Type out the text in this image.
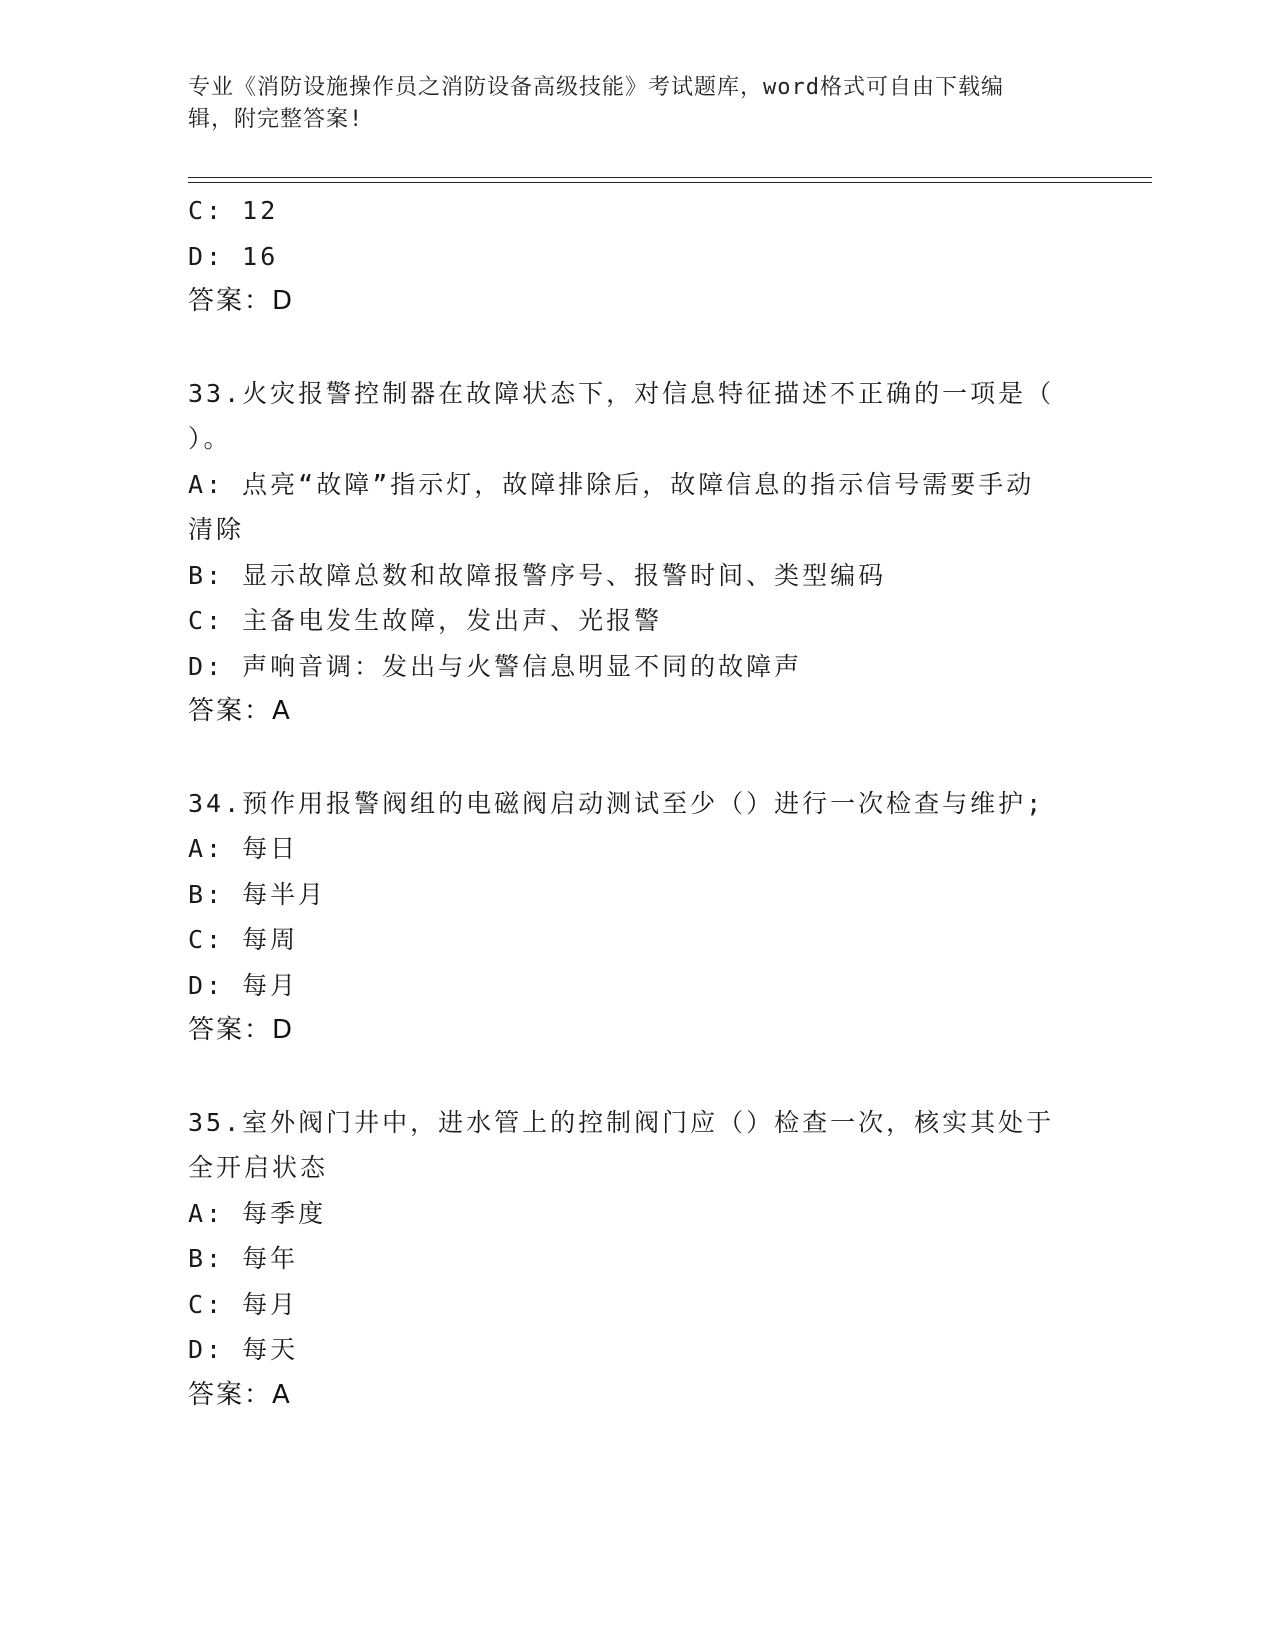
专业《消防设施操作员之消防设备高级技能》考试题库，word格式可自由下载编
辑，附完整答案!
C: 12
D: 16
答案：D
33.火灾报警控制器在故障状态下，对信息特征描述不正确的一项是（
）。
A: 点亮“故障”指示灯，故障排除后，故障信息的指示信号需要手动
清除
B: 显示故障总数和故障报警序号、报警时间、类型编码
C: 主备电发生故障，发出声、光报警
D: 声响音调：发出与火警信息明显不同的故障声
答案：A
34.预作用报警阀组的电磁阀启动测试至少（）进行一次检查与维护;
A: 每日
B: 每半月
C: 每周
D: 每月
答案：D
35.室外阀门井中，进水管上的控制阀门应（）检查一次，核实其处于
全开启状态
A: 每季度
B: 每年
C: 每月
D: 每天
答案：A
